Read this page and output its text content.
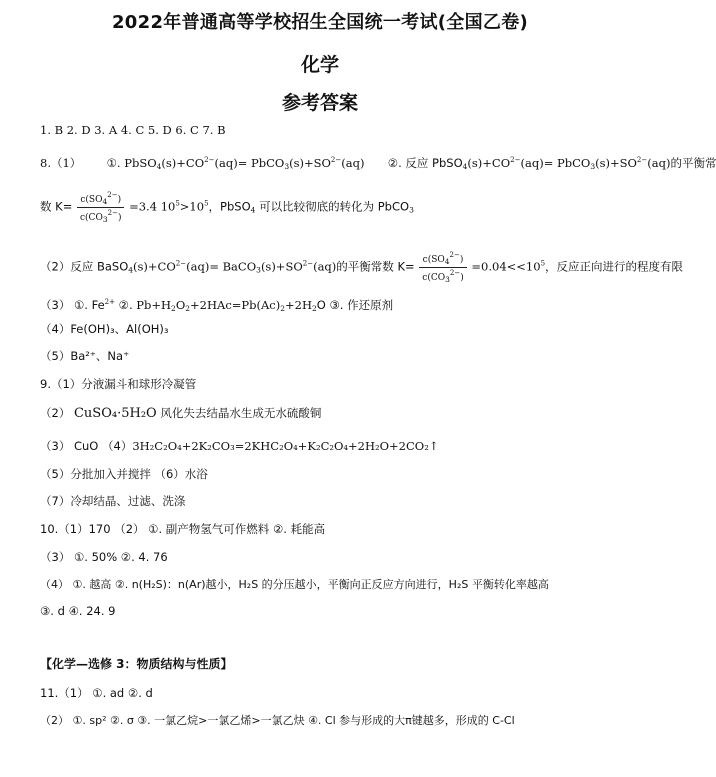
2022年普通高等学校招生全国统一考试(全国乙卷)
化学
参考答案
1. B 2. D 3. A 4. C 5. D 6. C 7. B
8.（1） ①. $PbSO_4(s)+CO^{2-}(aq)=$ $PbCO_3(s)+SO^{2-}(aq)$ ②. 反应 $PbSO_4(s)+CO^{2-}(aq)=$ $PbCO_3(s)+SO^{2-}(aq)$的平衡常
数 $K= \frac{c(SO_4^{2-})}{c(CO_3^{2-})} =3.4$ $10^5>10^5$，PbSO$_4$ 可以比较彻底的转化为 PbCO$_3$
（2）反应 $BaSO_4(s)+CO^{2-}(aq)=$ $BaCO_3(s)+SO^{2-}(aq)$的平衡常数 $K= \frac{c(SO_4^{2-})}{c(CO_3^{2-})} =0.04<<10^5$，反应正向进行的程度有限
（3） ①. $Fe^{2+}$ ②. $Pb+H_2O_2+2HAc=Pb(Ac)_2+2H_2O$ ③. 作还原剂
（4）Fe(OH)₃、Al(OH)₃
（5）Ba²⁺、Na⁺
9.（1）分液漏斗和球形冷凝管
（2） CuSO₄·5H₂O 风化失去结晶水生成无水硫酸铜
（3） CuO （4）3H₂C₂O₄+2K₂CO₃=2KHC₂O₄+K₂C₂O₄+2H₂O+2CO₂↑
（5）分批加入并搅拌 （6）水浴
（7）冷却结晶、过滤、洗涤
10.（1）170 （2） ①. 副产物氢气可作燃料 ②. 耗能高
（3） ①. 50% ②. 4. 76
（4） ①. 越高 ②. n(H₂S)：n(Ar)越小，H₂S 的分压越小，平衡向正反应方向进行，H₂S 平衡转化率越高
③. d ④. 24. 9
【化学—选修 3：物质结构与性质】
11.（1） ①. ad ②. d
（2） ①. sp² ②. σ ③. 一氯乙烷>一氯乙烯>一氯乙炔 ④. Cl 参与形成的大π键越多，形成的 C-Cl
